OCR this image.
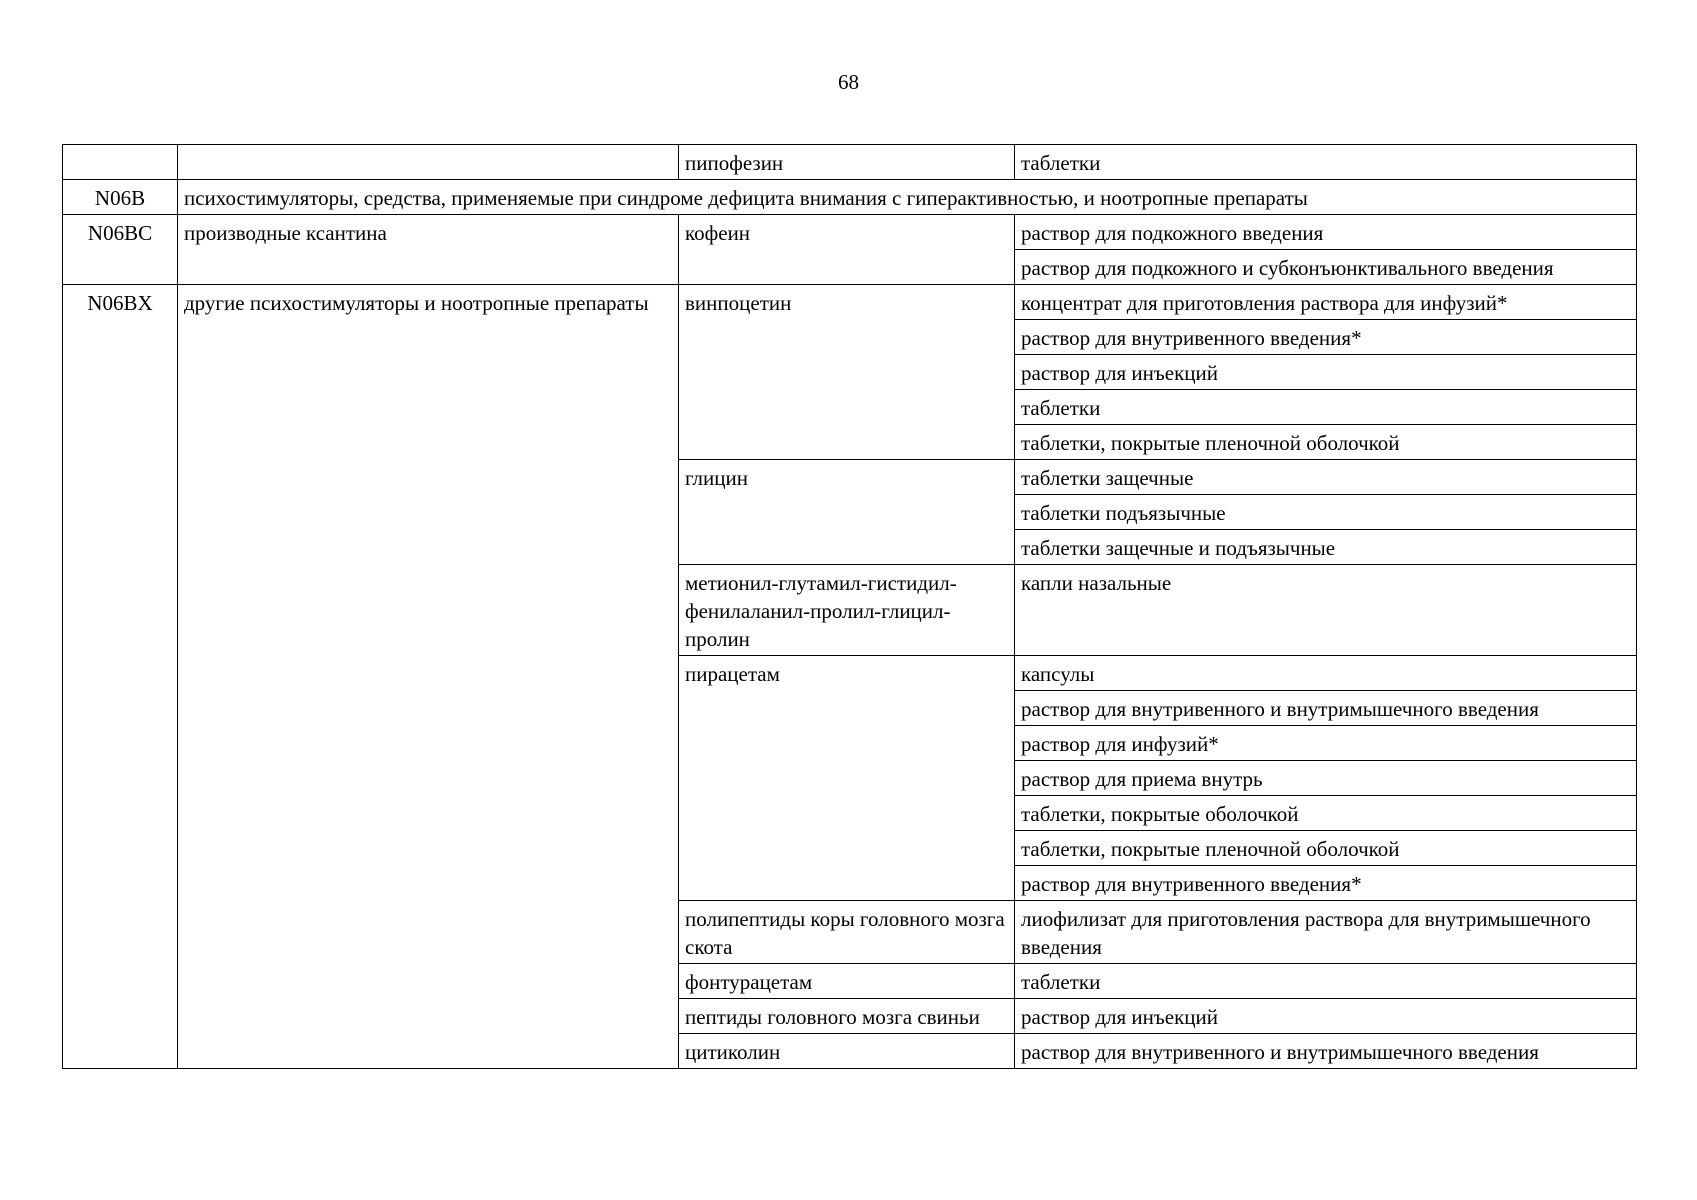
68
		пипофезин	таблетки
N06B	психостимуляторы, средства, применяемые при синдроме дефицита внимания с гиперактивностью, и ноотропные препараты		
N06BC	производные ксантина	кофеин	раствор для подкожного введения
			раствор для подкожного и субконъюнктивального введения
N06BX	другие психостимуляторы и ноотропные препараты	винпоцетин	концентрат для приготовления раствора для инфузий*
			раствор для внутривенного введения*
			раствор для инъекций
			таблетки
			таблетки, покрытые пленочной оболочкой
		глицин	таблетки защечные
			таблетки подъязычные
			таблетки защечные и подъязычные
		метионил-глутамил-гистидил-фенилаланил-пролил-глицил-пролин	капли назальные
		пирацетам	капсулы
			раствор для внутривенного и внутримышечного введения
			раствор для инфузий*
			раствор для приема внутрь
			таблетки, покрытые оболочкой
			таблетки, покрытые пленочной оболочкой
			раствор для внутривенного введения*
		полипептиды коры головного мозга скота	лиофилизат для приготовления раствора для внутримышечного введения
		фонтурацетам	таблетки
		пептиды головного мозга свиньи	раствор для инъекций
		цитиколин	раствор для внутривенного и внутримышечного введения
